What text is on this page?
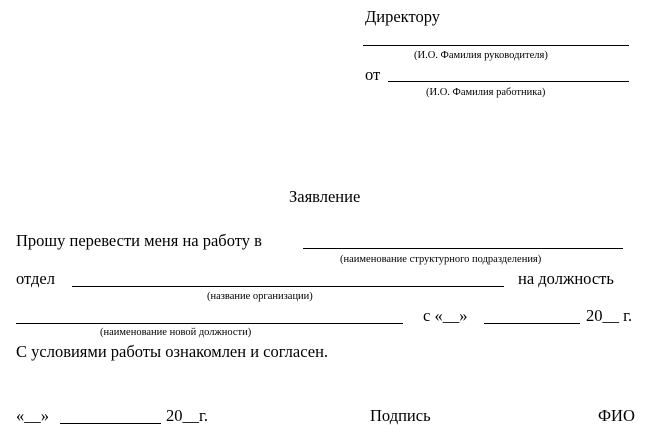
Директору
(И.О. Фамилия руководителя)
от
(И.О. Фамилия работника)
Заявление
Прошу перевести меня на работу в
(наименование структурного подразделения)
отдел	на должность
(название организации)
с «__»	20__ г.
(наименование новой должности)
С условиями работы ознакомлен и согласен.
«__»	20__г.	Подпись	ФИО
